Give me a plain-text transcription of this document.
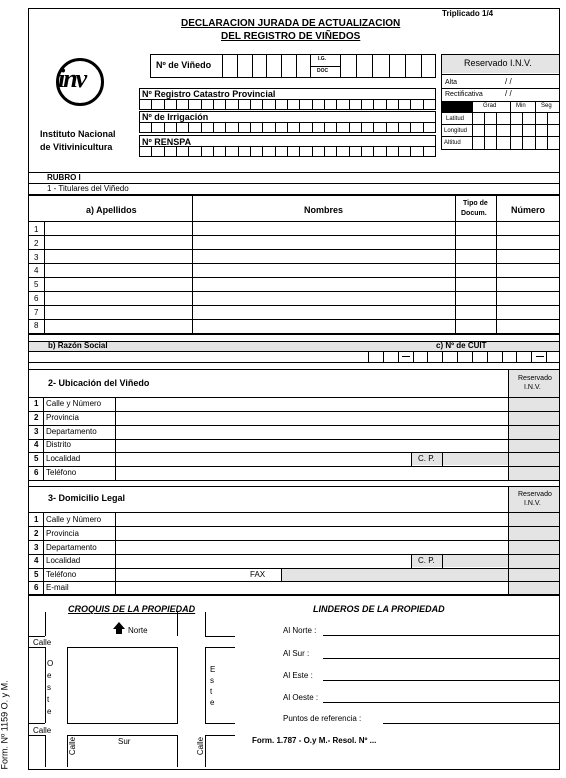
Form. Nº 1159 O. y M.
Triplicado 1/4
DECLARACION JURADA DE ACTUALIZACION
DEL REGISTRO DE VIÑEDOS
inv
Instituto Nacional
de Vitivinicultura
Nº de Viñedo
I.G.
DOC
Reservado I.N.V.
Alta	/ /
Rectificativa	/ /
Grad	Min	Seg
Latitud
Longitud
Altitud
Nº Registro Catastro Provincial
Nº de Irrigación
Nº RENSPA
RUBRO I
1 - Titulares del Viñedo
a) Apellidos	Nombres
Tipo de
Docum.	Número
1
2
3
4
5
6
7
8
b) Razón Social	c) Nº de CUIT
2- Ubicación del Viñedo	Reservado
I.N.V.
1 Calle y Número
2 Provincia
3 Departamento
4 Distrito
5 Localidad	C. P.
6 Teléfono
3- Domicilio Legal	Reservado
I.N.V.
1 Calle y Número
2 Provincia
3 Departamento
4 Localidad	C. P.
5 Teléfono	FAX
6 E-mail
CROQUIS DE LA PROPIEDAD
Norte
Calle
Calle
Oeste
Este
Calle	Sur	Calle
LINDEROS DE LA PROPIEDAD
Al Norte :
Al Sur :
Al Este :
Al Oeste :
Puntos de referencia :
Form. 1.787 - O.y M.- Resol. Nº ...
